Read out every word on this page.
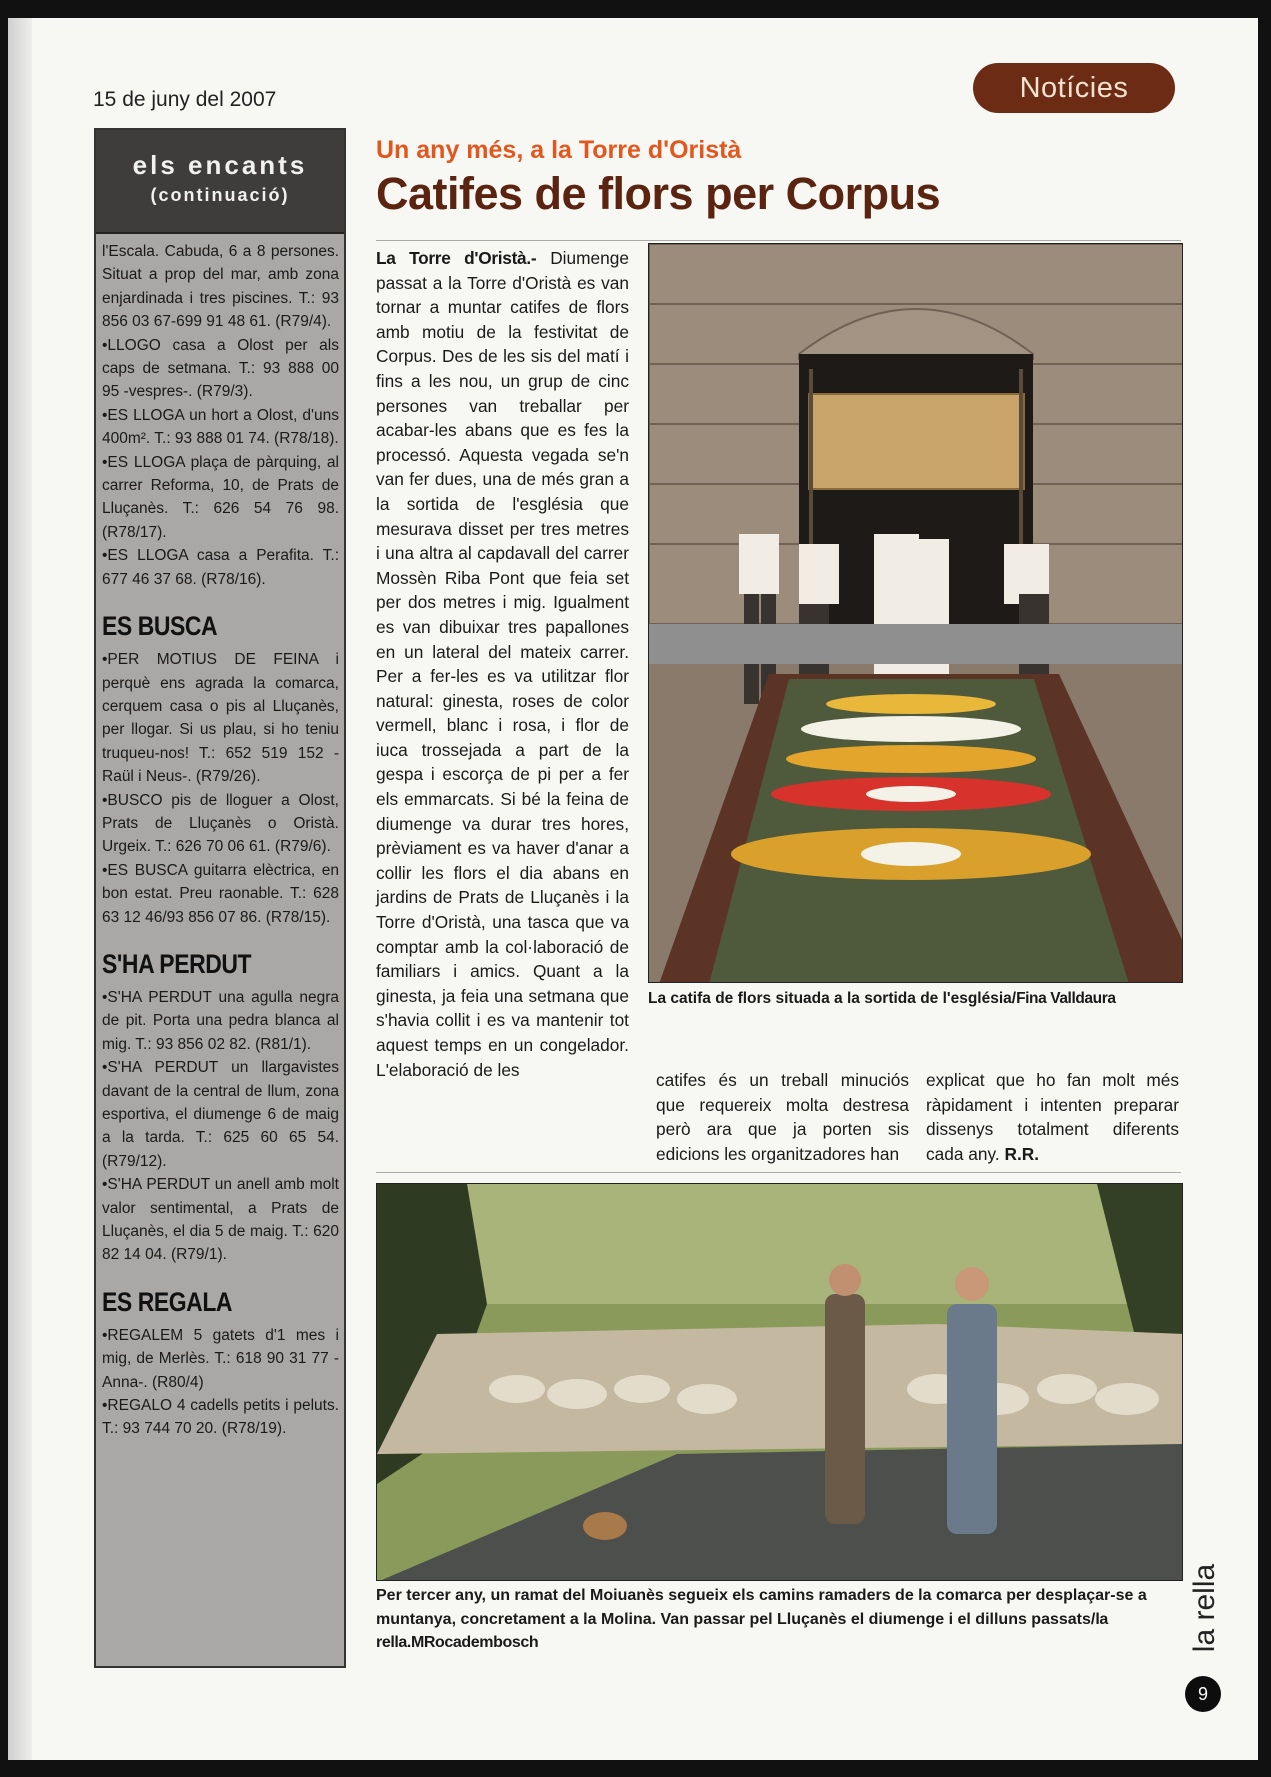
15 de juny del 2007	Notícies
els encants
(continuació)

l'Escala. Cabuda, 6 a 8 persones. Situat a prop del mar, amb zona enjardinada i tres piscines. T.: 93 856 03 67-699 91 48 61. (R79/4).

•LLOGO casa a Olost per als caps de setmana. T.: 93 888 00 95 -vespres-. (R79/3).

•ES LLOGA un hort a Olost, d'uns 400m². T.: 93 888 01 74. (R78/18).

•ES LLOGA plaça de pàrquing, al carrer Reforma, 10, de Prats de Lluçanès. T.: 626 54 76 98. (R78/17).

•ES LLOGA casa a Perafita. T.: 677 46 37 68. (R78/16).

ES BUSCA

•PER MOTIUS DE FEINA i perquè ens agrada la comarca, cerquem casa o pis al Lluçanès, per llogar. Si us plau, si ho teniu truqueu-nos! T.: 652 519 152 -Raül i Neus-. (R79/26).

•BUSCO pis de lloguer a Olost, Prats de Lluçanès o Oristà. Urgeix. T.: 626 70 06 61. (R79/6).

•ES BUSCA guitarra elèctrica, en bon estat. Preu raonable. T.: 628 63 12 46/93 856 07 86. (R78/15).

S'HA PERDUT

•S'HA PERDUT una agulla negra de pit. Porta una pedra blanca al mig. T.: 93 856 02 82. (R81/1).

•S'HA PERDUT un llargavistes davant de la central de llum, zona esportiva, el diumenge 6 de maig a la tarda. T.: 625 60 65 54. (R79/12).

•S'HA PERDUT un anell amb molt valor sentimental, a Prats de Lluçanès, el dia 5 de maig. T.: 620 82 14 04. (R79/1).

ES REGALA

•REGALEM 5 gatets d'1 mes i mig, de Merlès. T.: 618 90 31 77 -Anna-. (R80/4)

•REGALO 4 cadells petits i peluts. T.: 93 744 70 20. (R78/19).

Un any més, a la Torre d'Oristà
Catifes de flors per Corpus

La Torre d'Oristà.- Diumenge passat a la Torre d'Oristà es van tornar a muntar catifes de flors amb motiu de la festivitat de Corpus. Des de les sis del matí i fins a les nou, un grup de cinc persones van treballar per acabar-les abans que es fes la processó. Aquesta vegada se'n van fer dues, una de més gran a la sortida de l'església que mesurava disset per tres metres i una altra al capdavall del carrer Mossèn Riba Pont que feia set per dos metres i mig. Igualment es van dibuixar tres papallones en un lateral del mateix carrer. Per a fer-les es va utilitzar flor natural: ginesta, roses de color vermell, blanc i rosa, i flor de iuca trossejada a part de la gespa i escorça de pi per a fer els emmarcats. Si bé la feina de diumenge va durar tres hores, prèviament es va haver d'anar a collir les flors el dia abans en jardins de Prats de Lluçanès i la Torre d'Oristà, una tasca que va comptar amb la col·laboració de familiars i amics. Quant a la ginesta, ja feia una setmana que s'havia collit i es va mantenir tot aquest temps en un congelador. L'elaboració de les

La catifa de flors situada a la sortida de l'església/Fina Valldaura

catifes és un treball minuciós que requereix molta destresa però ara que ja porten sis edicions les organitzadores han

explicat que ho fan molt més ràpidament i intenten preparar dissenys totalment diferents cada any. R.R.

Per tercer any, un ramat del Moiuanès segueix els camins ramaders de la comarca per desplaçar-se a muntanya, concretament a la Molina. Van passar pel Lluçanès el diumenge i el dilluns passats/la rella.MRocadembosch	la rella
9
